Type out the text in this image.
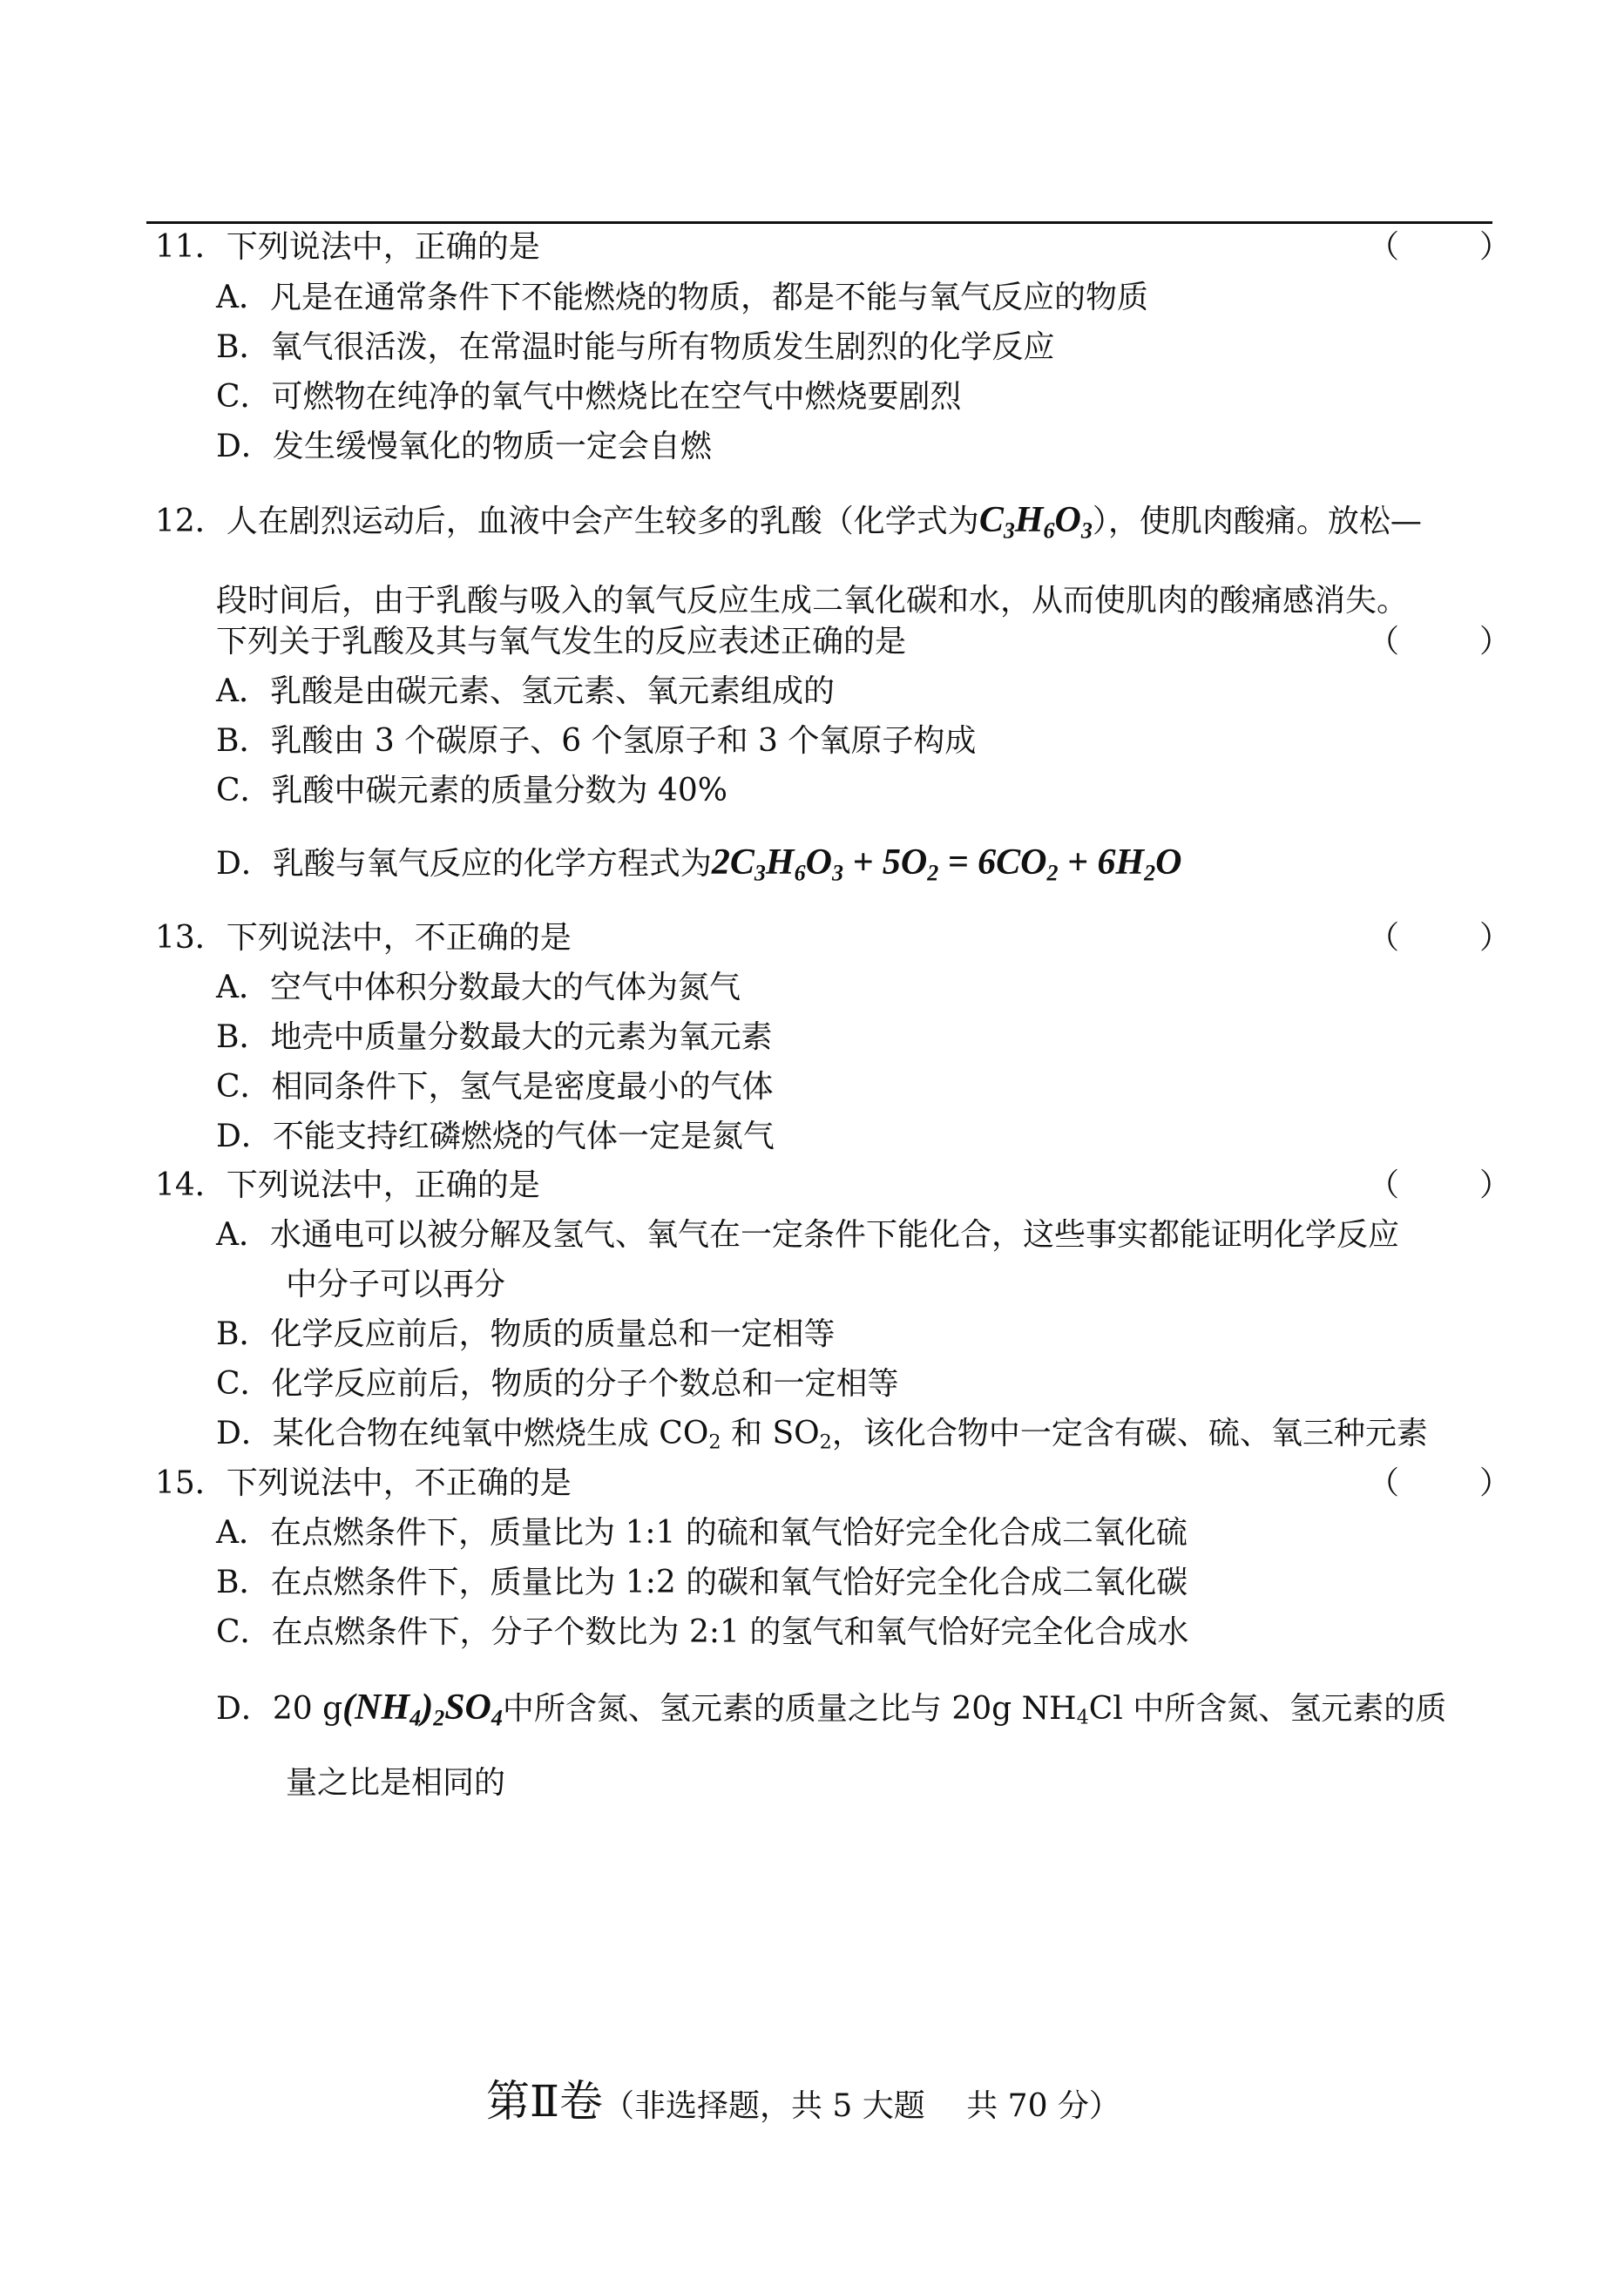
11．下列说法中，正确的是	（　）
A．凡是在通常条件下不能燃烧的物质，都是不能与氧气反应的物质
B．氧气很活泼，在常温时能与所有物质发生剧烈的化学反应
C．可燃物在纯净的氧气中燃烧比在空气中燃烧要剧烈
D．发生缓慢氧化的物质一定会自燃
12．人在剧烈运动后，血液中会产生较多的乳酸（化学式为$C_3H_6O_3$），使肌肉酸痛。放松—
段时间后，由于乳酸与吸入的氧气反应生成二氧化碳和水，从而使肌肉的酸痛感消失。
下列关于乳酸及其与氧气发生的反应表述正确的是	（　）
A．乳酸是由碳元素、氢元素、氧元素组成的
B．乳酸由 3 个碳原子、6 个氢原子和 3 个氧原子构成
C．乳酸中碳元素的质量分数为 40%
D．乳酸与氧气反应的化学方程式为$2C_3H_6O_3 + 5O_2 = 6CO_2 + 6H_2O$
13．下列说法中，不正确的是	（　）
A．空气中体积分数最大的气体为氮气
B．地壳中质量分数最大的元素为氧元素
C．相同条件下，氢气是密度最小的气体
D．不能支持红磷燃烧的气体一定是氮气
14．下列说法中，正确的是	（　）
A．水通电可以被分解及氢气、氧气在一定条件下能化合，这些事实都能证明化学反应
中分子可以再分
B．化学反应前后，物质的质量总和一定相等
C．化学反应前后，物质的分子个数总和一定相等
D．某化合物在纯氧中燃烧生成 CO2 和 SO2，该化合物中一定含有碳、硫、氧三种元素
15．下列说法中，不正确的是	（　）
A．在点燃条件下，质量比为 1:1 的硫和氧气恰好完全化合成二氧化硫
B．在点燃条件下，质量比为 1:2 的碳和氧气恰好完全化合成二氧化碳
C．在点燃条件下，分子个数比为 2:1 的氢气和氧气恰好完全化合成水
D．20 $g(NH_4)_2SO_4$中所含氮、氢元素的质量之比与 20g NH4Cl 中所含氮、氢元素的质
量之比是相同的
第Ⅱ卷（非选择题，共 5 大题　 共 70 分）
